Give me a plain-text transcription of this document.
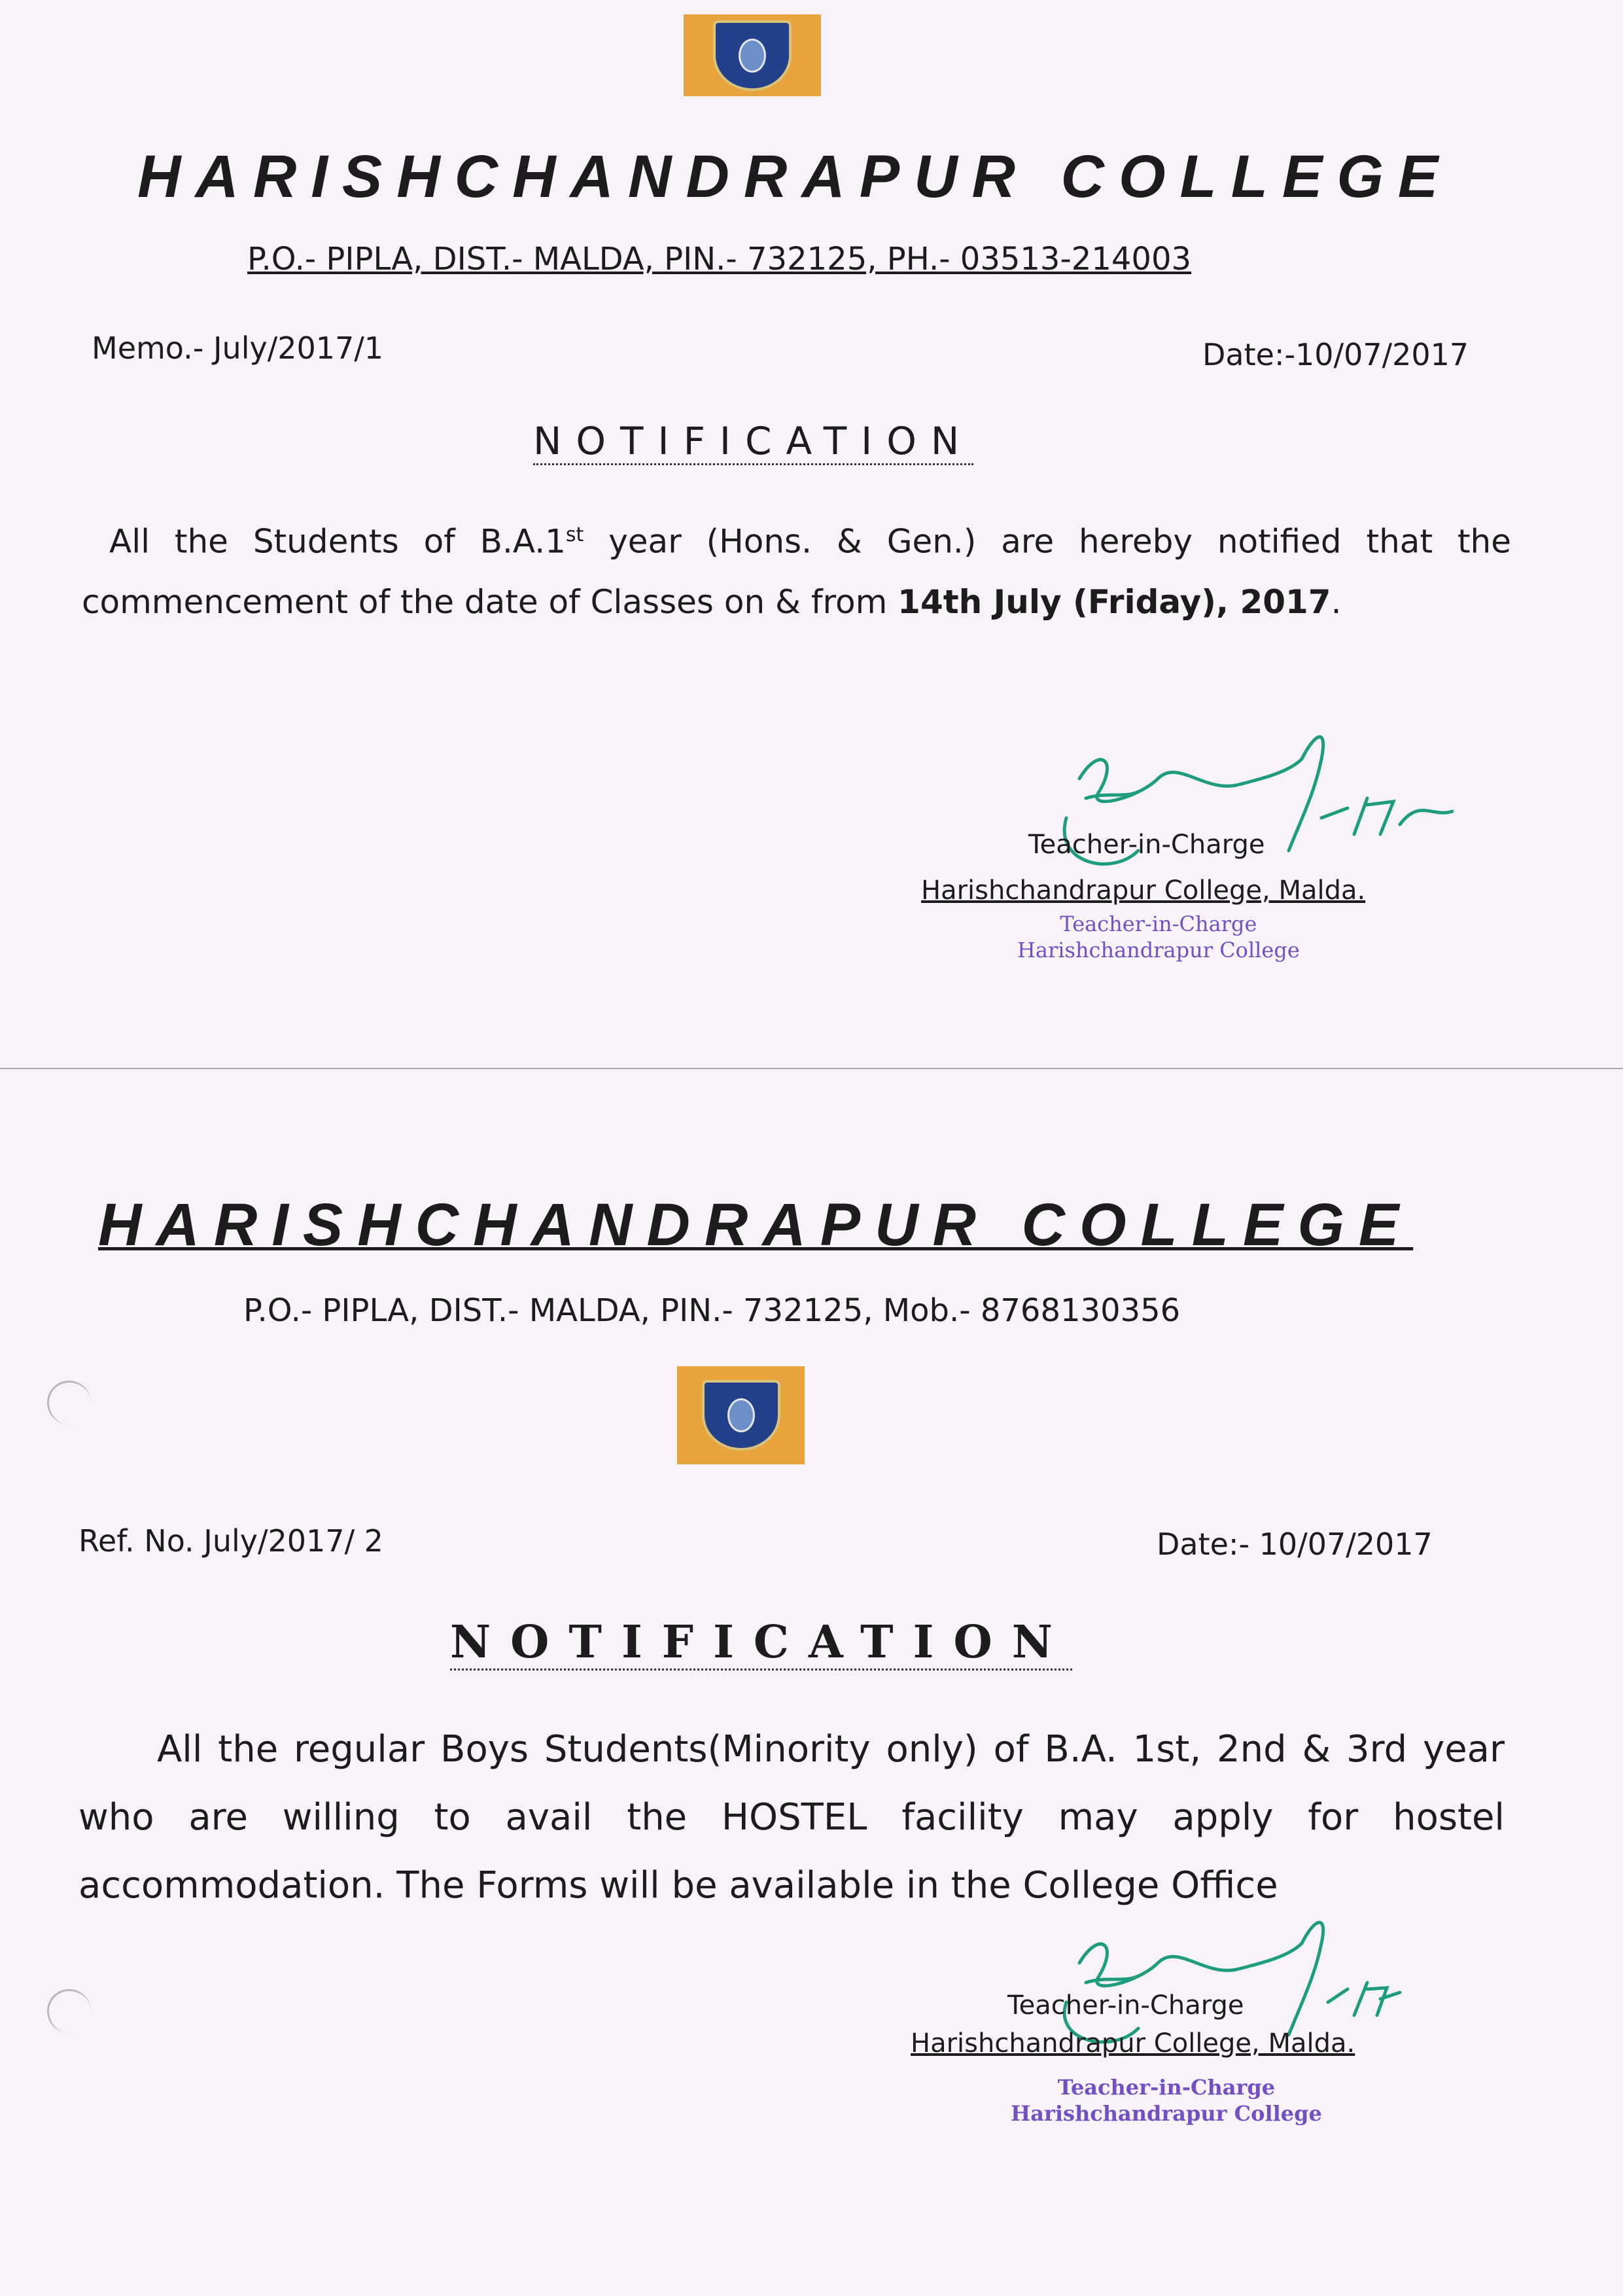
HARISHCHANDRAPUR COLLEGE
P.O.- PIPLA, DIST.- MALDA, PIN.- 732125, PH.- 03513-214003
Memo.- July/2017/1	Date:-10/07/2017
NOTIFICATION
All the Students of B.A.1st year (Hons. & Gen.) are hereby notified that the commencement of the date of Classes on & from 14th July (Friday), 2017.
Teacher-in-Charge
Harishchandrapur College, Malda.
Teacher-in-Charge
Harishchandrapur College
HARISHCHANDRAPUR COLLEGE
P.O.- PIPLA, DIST.- MALDA, PIN.- 732125, Mob.- 8768130356
Ref. No. July/2017/ 2	Date:- 10/07/2017
NOTIFICATION
All the regular Boys Students(Minority only) of B.A. 1st, 2nd & 3rd year who are willing to avail the HOSTEL facility may apply for hostel accommodation. The Forms will be available in the College Office
Teacher-in-Charge
Harishchandrapur College, Malda.
Teacher-in-Charge
Harishchandrapur College
